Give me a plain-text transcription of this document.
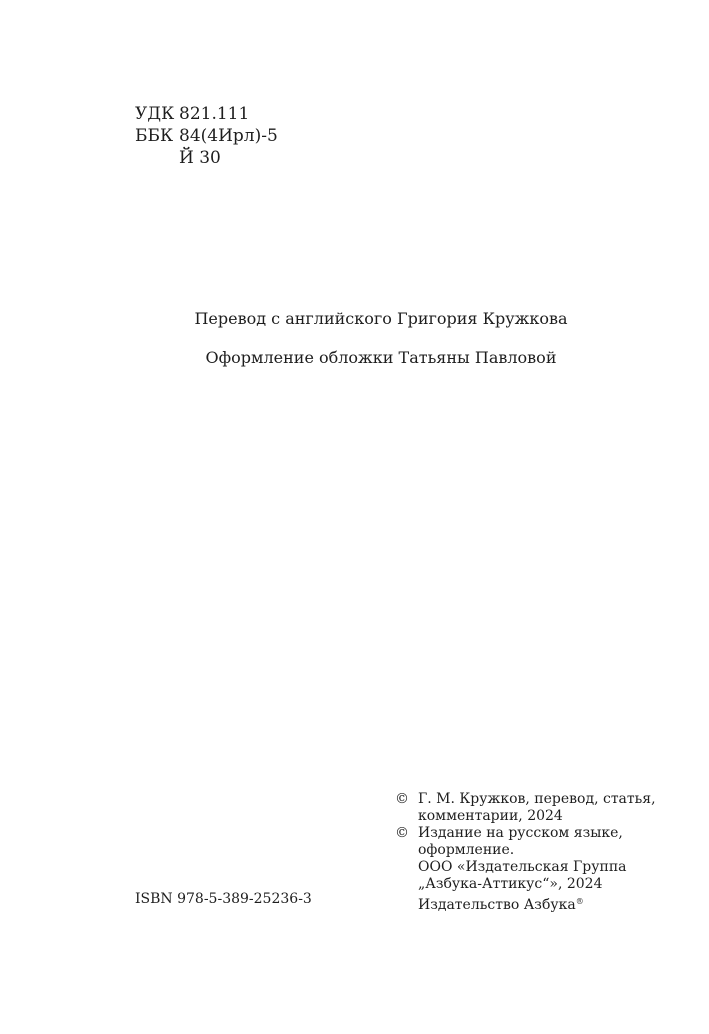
УДК 821.111
ББК 84(4Ирл)-5
Й 30
Перевод с английского Григория Кружкова
Оформление обложки Татьяны Павловой
© Г. М. Кружков, перевод, статья,
комментарии, 2024
© Издание на русском языке,
оформление.
ООО «Издательская Группа
„Азбука-Аттикус“», 2024
Издательство Азбука®
ISBN 978-5-389-25236-3
